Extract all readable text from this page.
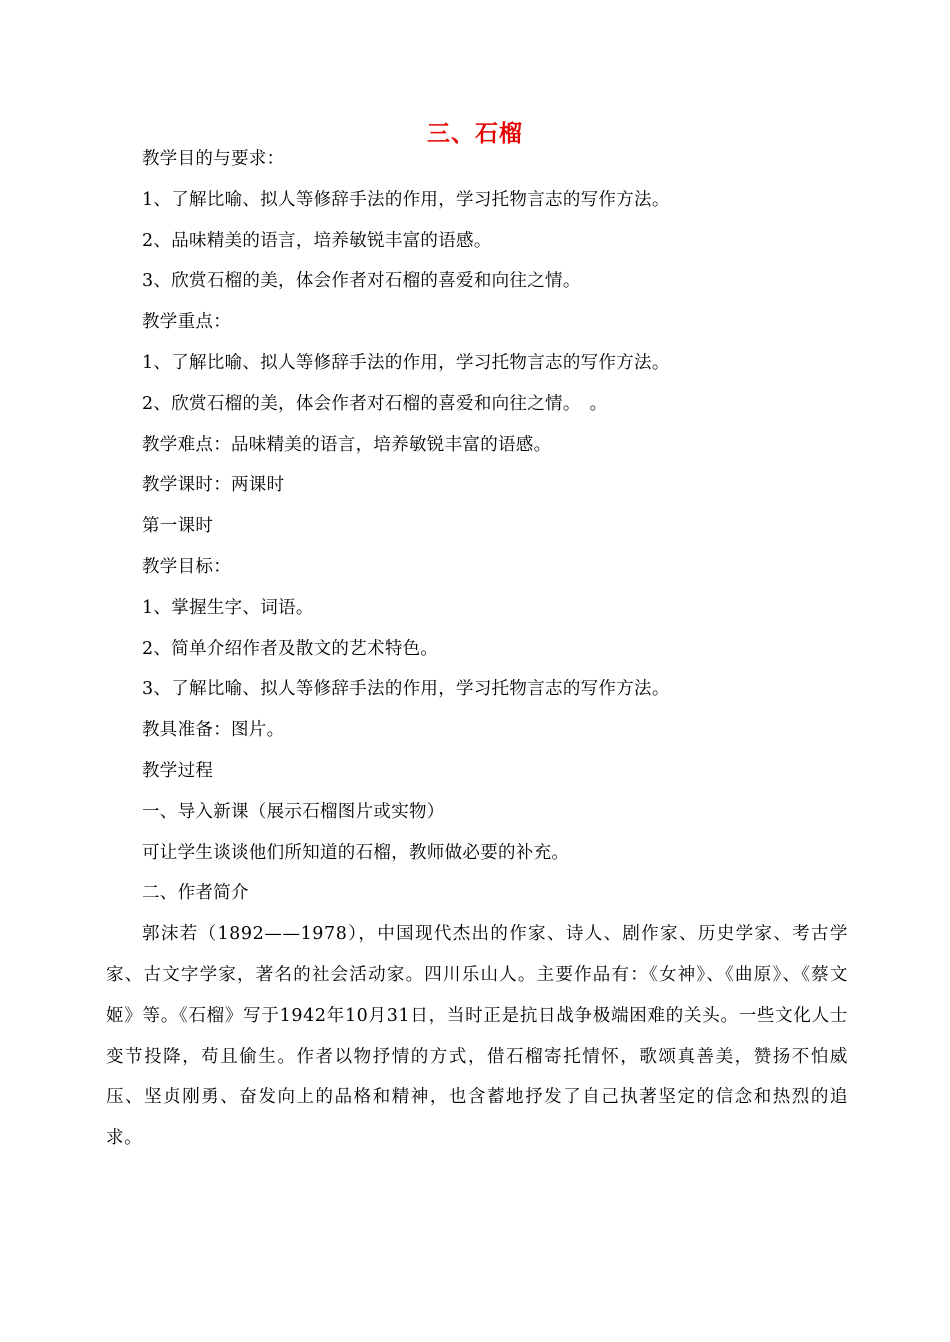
三、石榴
教学目的与要求：
1、了解比喻、拟人等修辞手法的作用，学习托物言志的写作方法。
2、品味精美的语言，培养敏锐丰富的语感。
3、欣赏石榴的美，体会作者对石榴的喜爱和向往之情。
教学重点：
1、了解比喻、拟人等修辞手法的作用，学习托物言志的写作方法。
2、欣赏石榴的美，体会作者对石榴的喜爱和向往之情。　。
教学难点：品味精美的语言，培养敏锐丰富的语感。
教学课时：两课时
第一课时
教学目标：
1、掌握生字、词语。
2、简单介绍作者及散文的艺术特色。
3、了解比喻、拟人等修辞手法的作用，学习托物言志的写作方法。
教具准备：图片。
教学过程
一、导入新课（展示石榴图片或实物）
可让学生谈谈他们所知道的石榴，教师做必要的补充。
二、作者简介

郭沫若（1892——1978），中国现代杰出的作家、诗人、剧作家、历史学家、考古学家、古文字学家，著名的社会活动家。四川乐山人。主要作品有：《女神》、《曲原》、《蔡文姬》等。《石榴》写于1942年10月31日，当时正是抗日战争极端困难的关头。一些文化人士变节投降，苟且偷生。作者以物抒情的方式，借石榴寄托情怀，歌颂真善美，赞扬不怕威压、坚贞刚勇、奋发向上的品格和精神，也含蓄地抒发了自己执著坚定的信念和热烈的追求。
